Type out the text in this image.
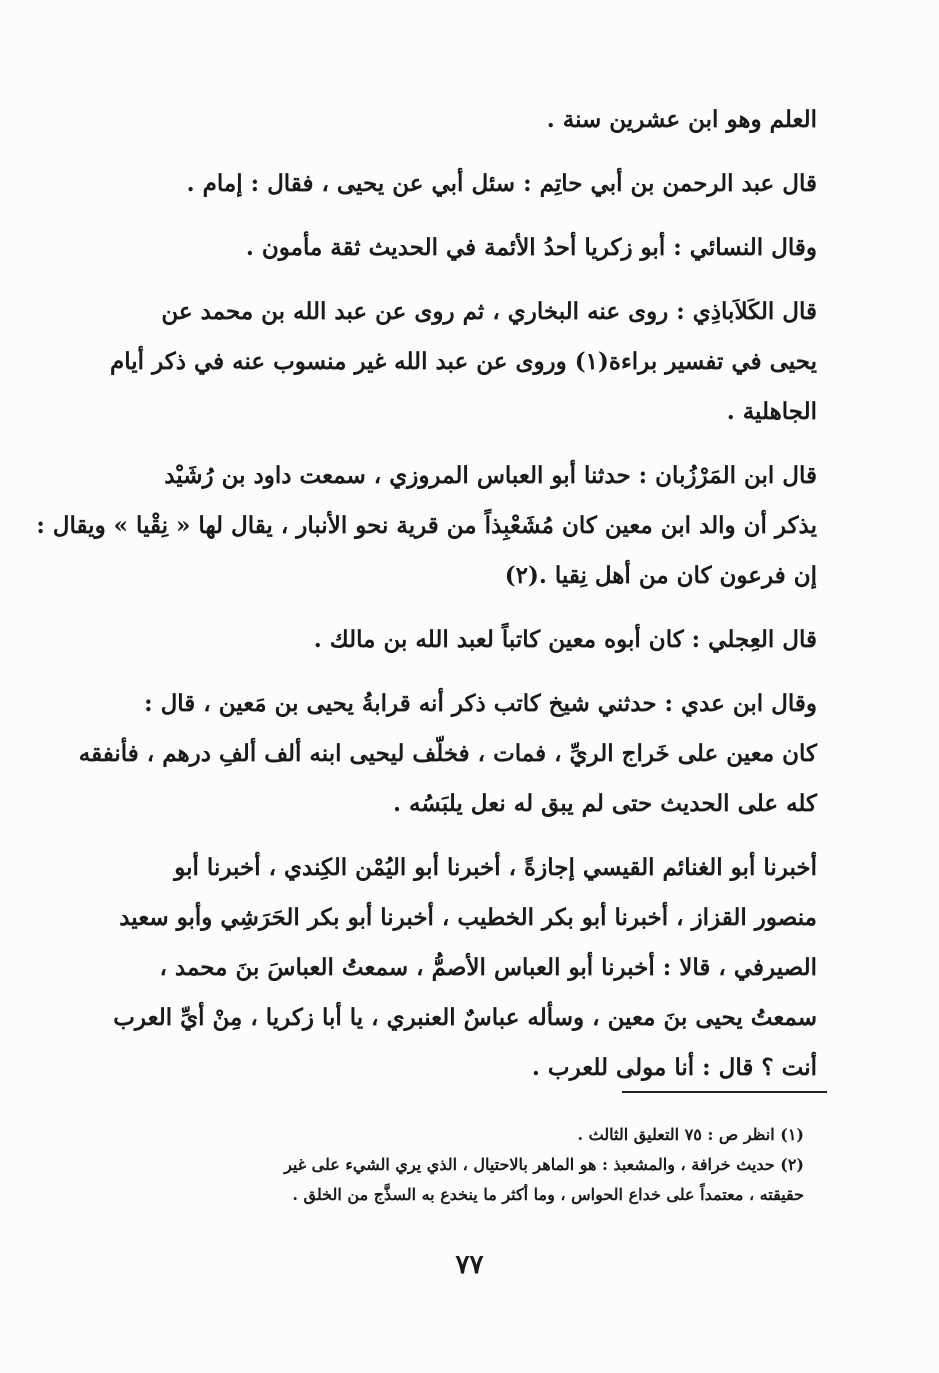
العلم وهو ابن عشرين سنة .

قال عبد الرحمن بن أبي حاتِم : سئل أبي عن يحيى ، فقال : إمام .

وقال النسائي : أبو زكريا أحدُ الأئمة في الحديث ثقة مأمون .

قال الكَلاَباذِي : روى عنه البخاري ، ثم روى عن عبد الله بن محمد عن
يحيى في تفسير براءة(١) وروى عن عبد الله غير منسوب عنه في ذكر أيام
الجاهلية .

قال ابن المَرْزُبان : حدثنا أبو العباس المروزي ، سمعت داود بن رُشَيْد
يذكر أن والد ابن معين كان مُشَعْبِذاً من قرية نحو الأنبار ، يقال لها « نِقْيا » ويقال :
إن فرعون كان من أهل نِقيا .(٢)

قال العِجلي : كان أبوه معين كاتباً لعبد الله بن مالك .

وقال ابن عدي : حدثني شيخ كاتب ذكر أنه قرابةُ يحيى بن مَعين ، قال :
كان معين على خَراج الريِّ ، فمات ، فخلّف ليحيى ابنه ألف ألفِ درهم ، فأنفقه
كله على الحديث حتى لم يبق له نعل يلبَسُه .

أخبرنا أبو الغنائم القيسي إجازةً ، أخبرنا أبو اليُمْن الكِندي ، أخبرنا أبو
منصور القزاز ، أخبرنا أبو بكر الخطيب ، أخبرنا أبو بكر الحَرَشِي وأبو سعيد
الصيرفي ، قالا : أخبرنا أبو العباس الأصمُّ ، سمعتُ العباسَ بنَ محمد ،
سمعتُ يحيى بنَ معين ، وسأله عباسٌ العنبري ، يا أبا زكريا ، مِنْ أيِّ العرب
أنت ؟ قال : أنا مولى للعرب .

(١) انظر ص : ٧٥ التعليق الثالث .

(٢) حديث خرافة ، والمشعبذ : هو الماهر بالاحتيال ، الذي يري الشيء على غير
حقيقته ، معتمداً على خداع الحواس ، وما أكثر ما ينخدع به السذَّج من الخلق .

٧٧
